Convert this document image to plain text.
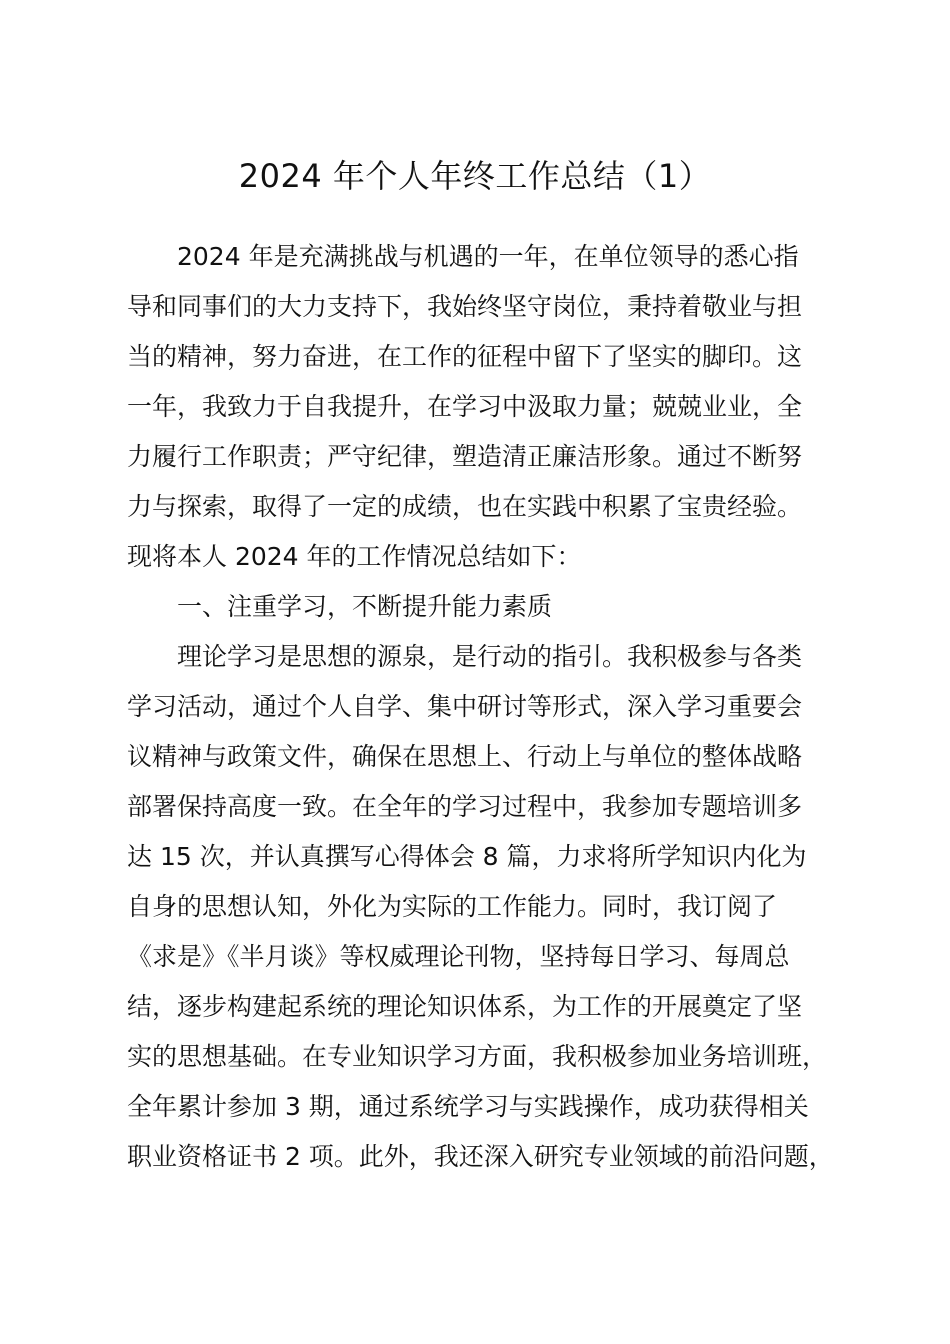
2024 年个人年终工作总结（1）

2024 年是充满挑战与机遇的一年，在单位领导的悉心指

导和同事们的大力支持下，我始终坚守岗位，秉持着敬业与担

当的精神，努力奋进，在工作的征程中留下了坚实的脚印。这

一年，我致力于自我提升，在学习中汲取力量；兢兢业业，全

力履行工作职责；严守纪律，塑造清正廉洁形象。通过不断努

力与探索，取得了一定的成绩，也在实践中积累了宝贵经验。

现将本人 2024 年的工作情况总结如下：

一、注重学习，不断提升能力素质

理论学习是思想的源泉，是行动的指引。我积极参与各类

学习活动，通过个人自学、集中研讨等形式，深入学习重要会

议精神与政策文件，确保在思想上、行动上与单位的整体战略

部署保持高度一致。在全年的学习过程中，我参加专题培训多

达 15 次，并认真撰写心得体会 8 篇，力求将所学知识内化为

自身的思想认知，外化为实际的工作能力。同时，我订阅了

《求是》《半月谈》等权威理论刊物，坚持每日学习、每周总

结，逐步构建起系统的理论知识体系，为工作的开展奠定了坚

实的思想基础。在专业知识学习方面，我积极参加业务培训班，

全年累计参加 3 期，通过系统学习与实践操作，成功获得相关

职业资格证书 2 项。此外，我还深入研究专业领域的前沿问题，
